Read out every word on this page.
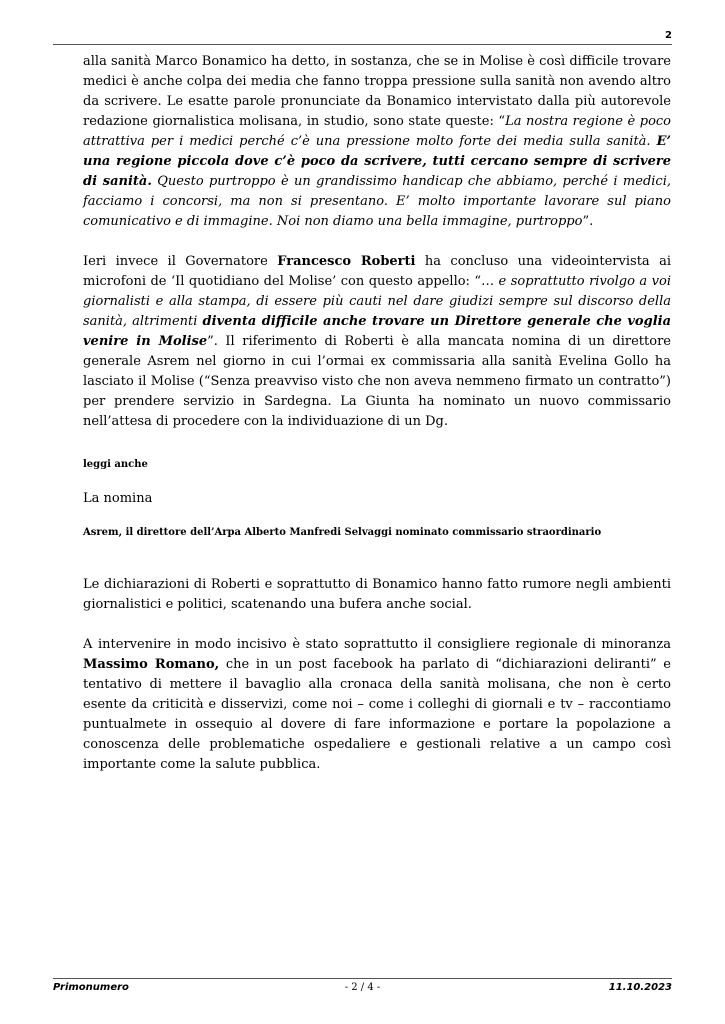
2

alla sanità Marco Bonamico ha detto, in sostanza, che se in Molise è così difficile trovare medici è anche colpa dei media che fanno troppa pressione sulla sanità non avendo altro da scrivere. Le esatte parole pronunciate da Bonamico intervistato dalla più autorevole redazione giornalistica molisana, in studio, sono state queste: “La nostra regione è poco attrattiva per i medici perché c’è una pressione molto forte dei media sulla sanità. E’ una regione piccola dove c’è poco da scrivere, tutti cercano sempre di scrivere di sanità. Questo purtroppo è un grandissimo handicap che abbiamo, perché i medici, facciamo i concorsi, ma non si presentano. E’ molto importante lavorare sul piano comunicativo e di immagine. Noi non diamo una bella immagine, purtroppo”.

Ieri invece il Governatore Francesco Roberti ha concluso una videointervista ai microfoni de ‘Il quotidiano del Molise’ con questo appello: “… e soprattutto rivolgo a voi giornalisti e alla stampa, di essere più cauti nel dare giudizi sempre sul discorso della sanità, altrimenti diventa difficile anche trovare un Direttore generale che voglia venire in Molise”. Il riferimento di Roberti è alla mancata nomina di un direttore generale Asrem nel giorno in cui l’ormai ex commissaria alla sanità Evelina Gollo ha lasciato il Molise (“Senza preavviso visto che non aveva nemmeno firmato un contratto”) per prendere servizio in Sardegna. La Giunta ha nominato un nuovo commissario nell’attesa di procedere con la individuazione di un Dg.

leggi anche

La nomina

Asrem, il direttore dell’Arpa Alberto Manfredi Selvaggi nominato commissario straordinario

Le dichiarazioni di Roberti e soprattutto di Bonamico hanno fatto rumore negli ambienti giornalistici e politici, scatenando una bufera anche social.

A intervenire in modo incisivo è stato soprattutto il consigliere regionale di minoranza Massimo Romano, che in un post facebook ha parlato di “dichiarazioni deliranti” e tentativo di mettere il bavaglio alla cronaca della sanità molisana, che non è certo esente da criticità e disservizi, come noi – come i colleghi di giornali e tv – raccontiamo puntualmete in ossequio al dovere di fare informazione e portare la popolazione a conoscenza delle problematiche ospedaliere e gestionali relative a un campo così importante come la salute pubblica.

Primonumero	- 2 / 4 -	11.10.2023
